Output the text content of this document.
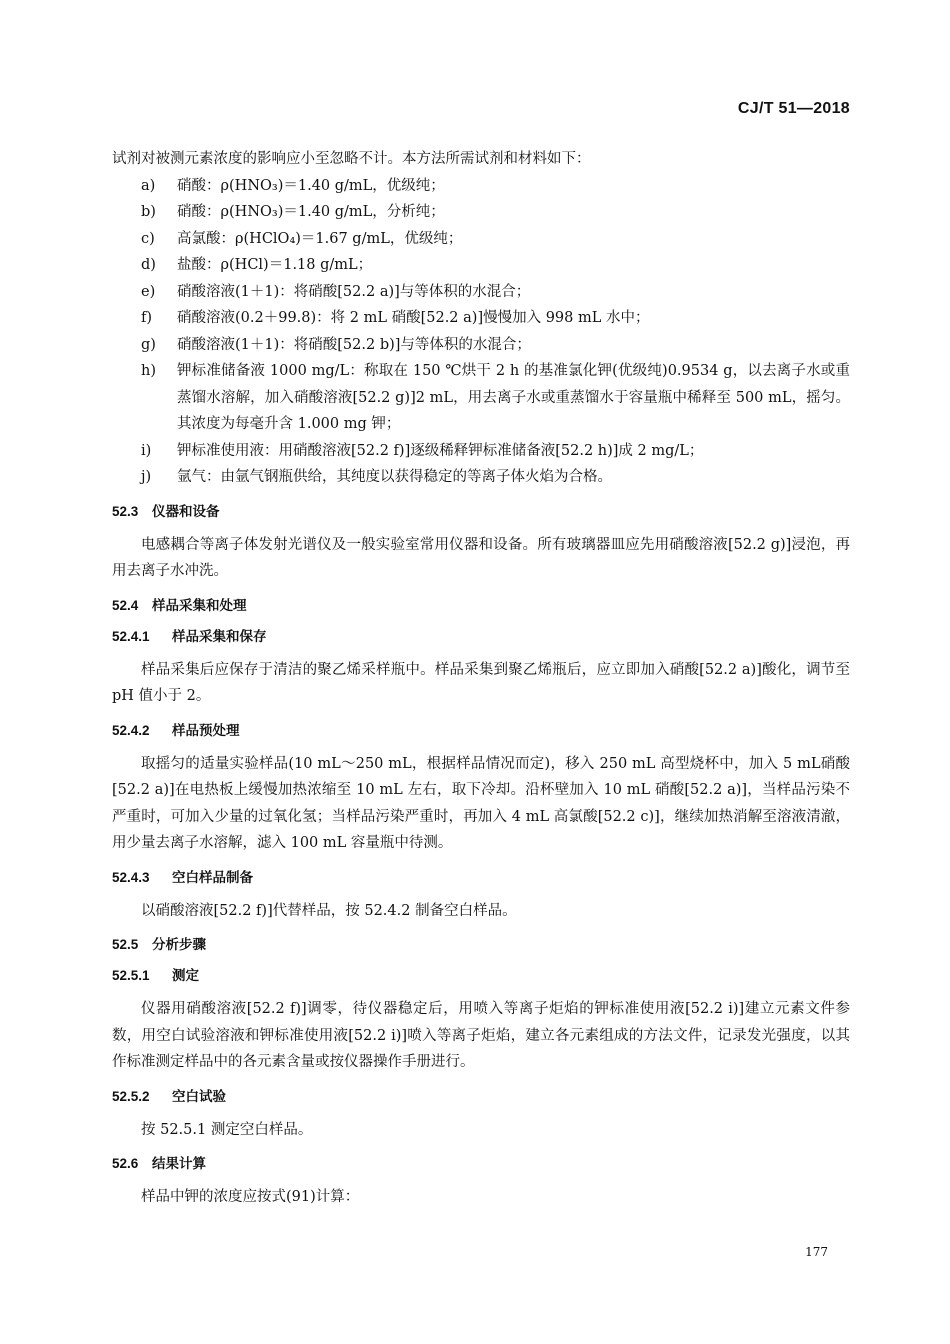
CJ/T 51—2018

试剂对被测元素浓度的影响应小至忽略不计。本方法所需试剂和材料如下：

a)	硝酸：ρ(HNO₃)＝1.40 g/mL，优级纯；
b)	硝酸：ρ(HNO₃)＝1.40 g/mL，分析纯；
c)	高氯酸：ρ(HClO₄)＝1.67 g/mL，优级纯；
d)	盐酸：ρ(HCl)＝1.18 g/mL；
e)	硝酸溶液(1＋1)：将硝酸[52.2 a)]与等体积的水混合；
f)	硝酸溶液(0.2＋99.8)：将 2 mL 硝酸[52.2 a)]慢慢加入 998 mL 水中；
g)	硝酸溶液(1＋1)：将硝酸[52.2 b)]与等体积的水混合；
h)	钾标准储备液 1000 mg/L：称取在 150 ℃烘干 2 h 的基准氯化钾(优级纯)0.9534 g，以去离子水或重蒸馏水溶解，加入硝酸溶液[52.2 g)]2 mL，用去离子水或重蒸馏水于容量瓶中稀释至 500 mL，摇匀。其浓度为每毫升含 1.000 mg 钾；
i)	钾标准使用液：用硝酸溶液[52.2 f)]逐级稀释钾标准储备液[52.2 h)]成 2 mg/L；
j)	氩气：由氩气钢瓶供给，其纯度以获得稳定的等离子体火焰为合格。
52.3 仪器和设备

电感耦合等离子体发射光谱仪及一般实验室常用仪器和设备。所有玻璃器皿应先用硝酸溶液[52.2 g)]浸泡，再用去离子水冲洗。

52.4 样品采集和处理
52.4.1 样品采集和保存

样品采集后应保存于清洁的聚乙烯采样瓶中。样品采集到聚乙烯瓶后，应立即加入硝酸[52.2 a)]酸化，调节至 pH 值小于 2。

52.4.2 样品预处理

取摇匀的适量实验样品(10 mL～250 mL，根据样品情况而定)，移入 250 mL 高型烧杯中，加入 5 mL硝酸[52.2 a)]在电热板上缓慢加热浓缩至 10 mL 左右，取下冷却。沿杯壁加入 10 mL 硝酸[52.2 a)]，当样品污染不严重时，可加入少量的过氧化氢；当样品污染严重时，再加入 4 mL 高氯酸[52.2 c)]，继续加热消解至溶液清澈，用少量去离子水溶解，滤入 100 mL 容量瓶中待测。

52.4.3 空白样品制备

以硝酸溶液[52.2 f)]代替样品，按 52.4.2 制备空白样品。

52.5 分析步骤
52.5.1 测定

仪器用硝酸溶液[52.2 f)]调零，待仪器稳定后，用喷入等离子炬焰的钾标准使用液[52.2 i)]建立元素文件参数，用空白试验溶液和钾标准使用液[52.2 i)]喷入等离子炬焰，建立各元素组成的方法文件，记录发光强度，以其作标准测定样品中的各元素含量或按仪器操作手册进行。

52.5.2 空白试验

按 52.5.1 测定空白样品。

52.6 结果计算

样品中钾的浓度应按式(91)计算：

177
